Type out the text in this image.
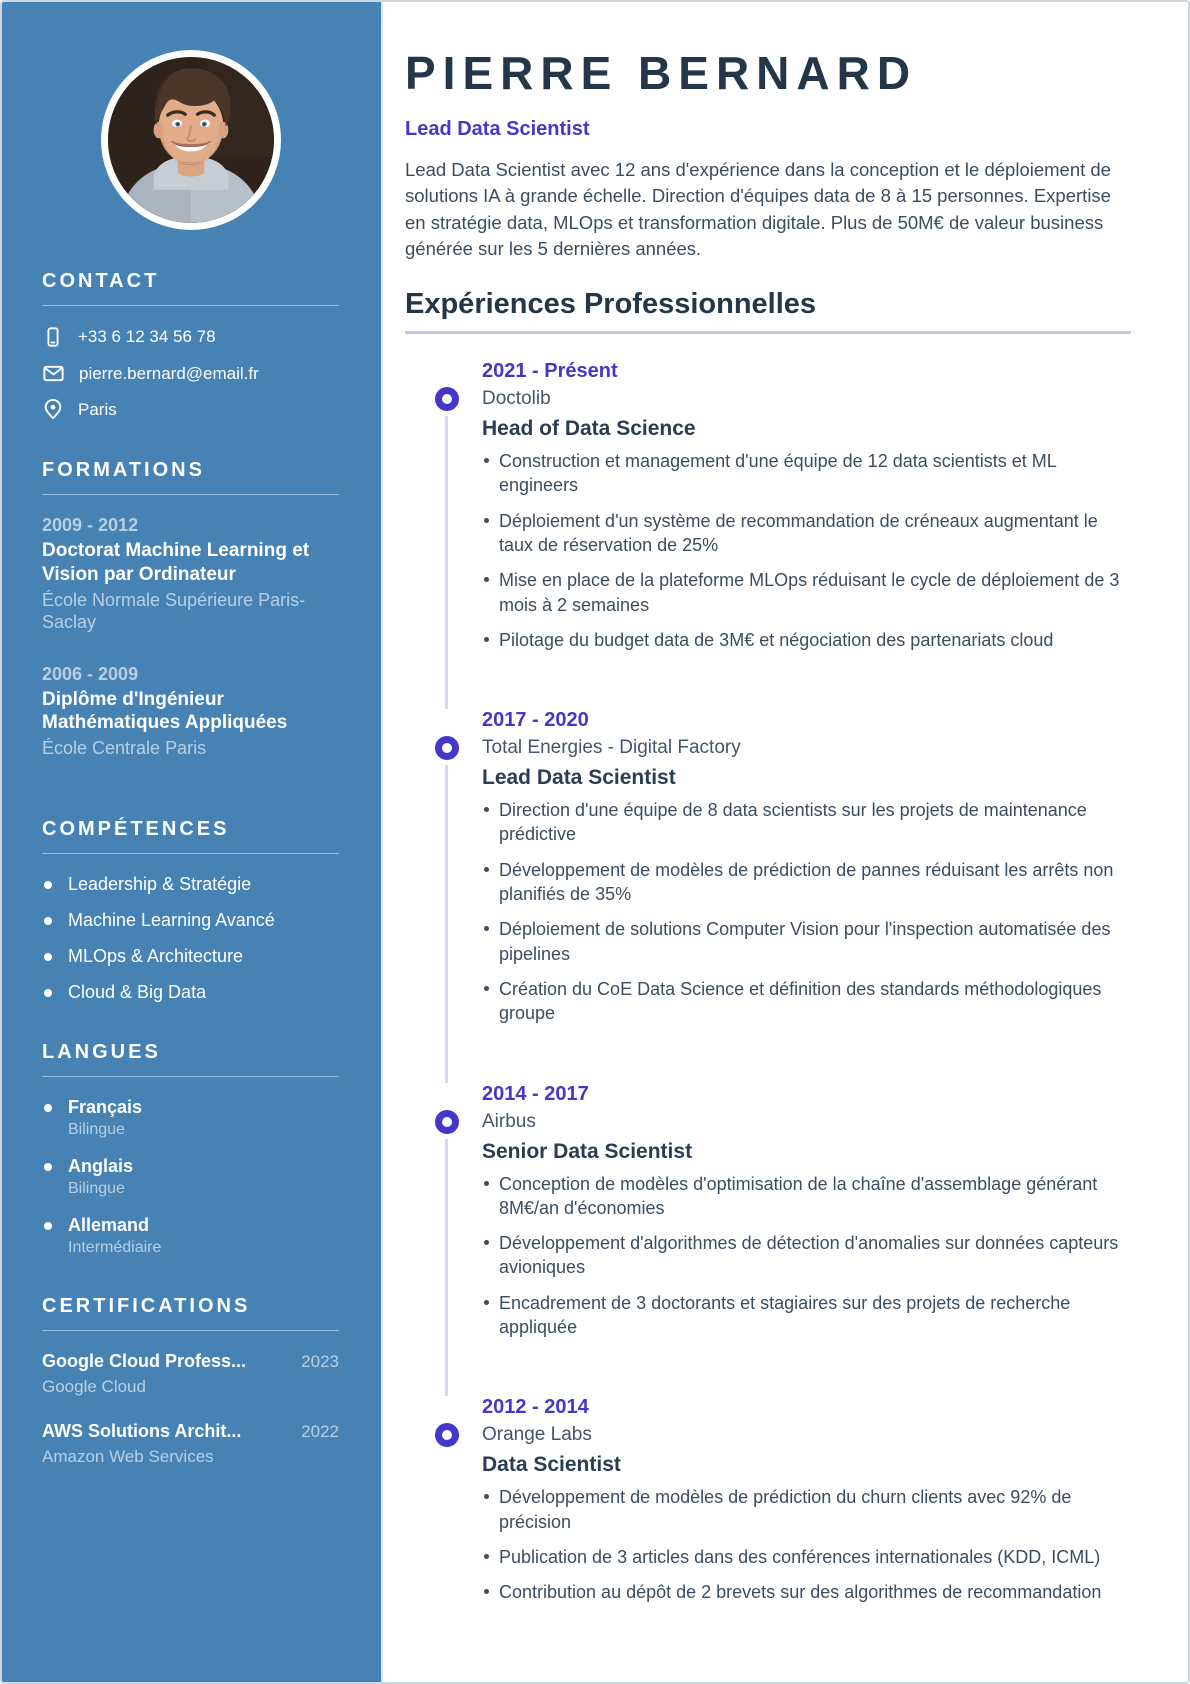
CONTACT
+33 6 12 34 56 78
pierre.bernard@email.fr
Paris
FORMATIONS
2009 - 2012
Doctorat Machine Learning et Vision par Ordinateur
École Normale Supérieure Paris-Saclay
2006 - 2009
Diplôme d'Ingénieur Mathématiques Appliquées
École Centrale Paris
COMPÉTENCES
Leadership & Stratégie
Machine Learning Avancé
MLOps & Architecture
Cloud & Big Data
LANGUES
Français
Bilingue
Anglais
Bilingue
Allemand
Intermédiaire
CERTIFICATIONS
Google Cloud Profess...	2023
Google Cloud
AWS Solutions Archit...	2022
Amazon Web Services
PIERRE BERNARD
Lead Data Scientist

Lead Data Scientist avec 12 ans d'expérience dans la conception et le déploiement de solutions IA à grande échelle. Direction d'équipes data de 8 à 15 personnes. Expertise en stratégie data, MLOps et transformation digitale. Plus de 50M€ de valeur business générée sur les 5 dernières années.

Expériences Professionnelles
2021 - Présent
Doctolib
Head of Data Science
Construction et management d'une équipe de 12 data scientists et ML engineers
Déploiement d'un système de recommandation de créneaux augmentant le taux de réservation de 25%
Mise en place de la plateforme MLOps réduisant le cycle de déploiement de 3 mois à 2 semaines
Pilotage du budget data de 3M€ et négociation des partenariats cloud
2017 - 2020
Total Energies - Digital Factory
Lead Data Scientist
Direction d'une équipe de 8 data scientists sur les projets de maintenance prédictive
Développement de modèles de prédiction de pannes réduisant les arrêts non planifiés de 35%
Déploiement de solutions Computer Vision pour l'inspection automatisée des pipelines
Création du CoE Data Science et définition des standards méthodologiques groupe
2014 - 2017
Airbus
Senior Data Scientist
Conception de modèles d'optimisation de la chaîne d'assemblage générant 8M€/an d'économies
Développement d'algorithmes de détection d'anomalies sur données capteurs avioniques
Encadrement de 3 doctorants et stagiaires sur des projets de recherche appliquée
2012 - 2014
Orange Labs
Data Scientist
Développement de modèles de prédiction du churn clients avec 92% de précision
Publication de 3 articles dans des conférences internationales (KDD, ICML)
Contribution au dépôt de 2 brevets sur des algorithmes de recommandation
